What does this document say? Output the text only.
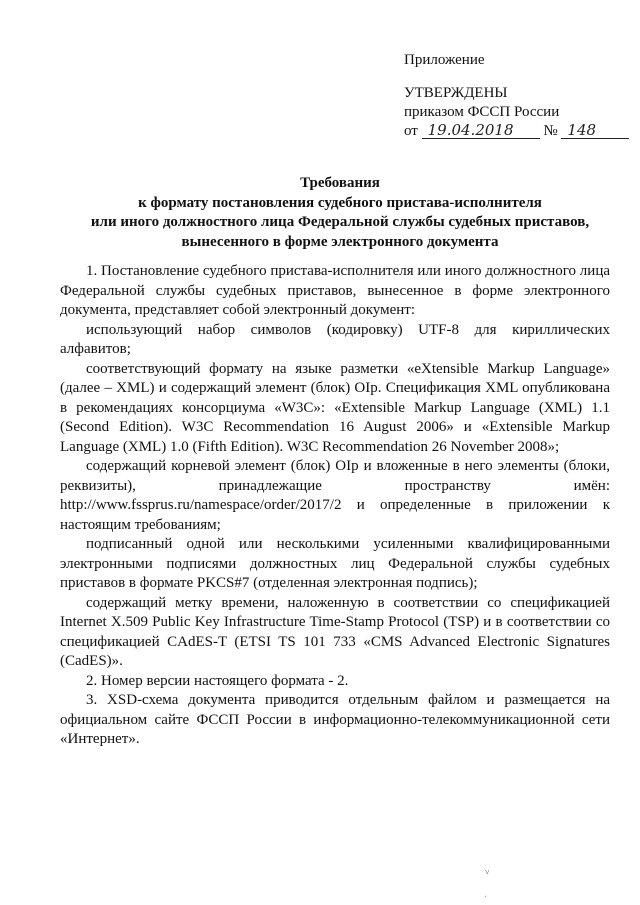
Приложение
УТВЕРЖДЕНЫ
приказом ФССП России
от 19.04.2018 № 148
Требования
к формату постановления судебного пристава-исполнителя
или иного должностного лица Федеральной службы судебных приставов,
вынесенного в форме электронного документа

1. Постановление судебного пристава-исполнителя или иного должностного лица Федеральной службы судебных приставов, вынесенное в форме электронного документа, представляет собой электронный документ:

использующий набор символов (кодировку) UTF-8 для кириллических алфавитов;

соответствующий формату на языке разметки «eXtensible Markup Language» (далее – XML) и содержащий элемент (блок) OIp. Спецификация XML опубликована в рекомендациях консорциума «W3C»: «Extensible Markup Language (XML) 1.1 (Second Edition). W3C Recommendation 16 August 2006» и «Extensible Markup Language (XML) 1.0 (Fifth Edition). W3C Recommendation 26 November 2008»;

содержащий корневой элемент (блок) OIp и вложенные в него элементы (блоки, реквизиты), принадлежащие пространству имён: http://www.fssprus.ru/namespace/order/2017/2 и определенные в приложении к настоящим требованиям;

подписанный одной или несколькими усиленными квалифицированными электронными подписями должностных лиц Федеральной службы судебных приставов в формате PKCS#7 (отделенная электронная подпись);

содержащий метку времени, наложенную в соответствии со спецификацией Internet X.509 Public Key Infrastructure Time-Stamp Protocol (TSP) и в соответствии со спецификацией CAdES-T (ETSI TS 101 733 «CMS Advanced Electronic Signatures (CadES)».

2. Номер версии настоящего формата - 2.

3. XSD-схема документа приводится отдельным файлом и размещается на официальном сайте ФССП России в информационно-телекоммуникационной сети «Интернет».

˅
ˌ
